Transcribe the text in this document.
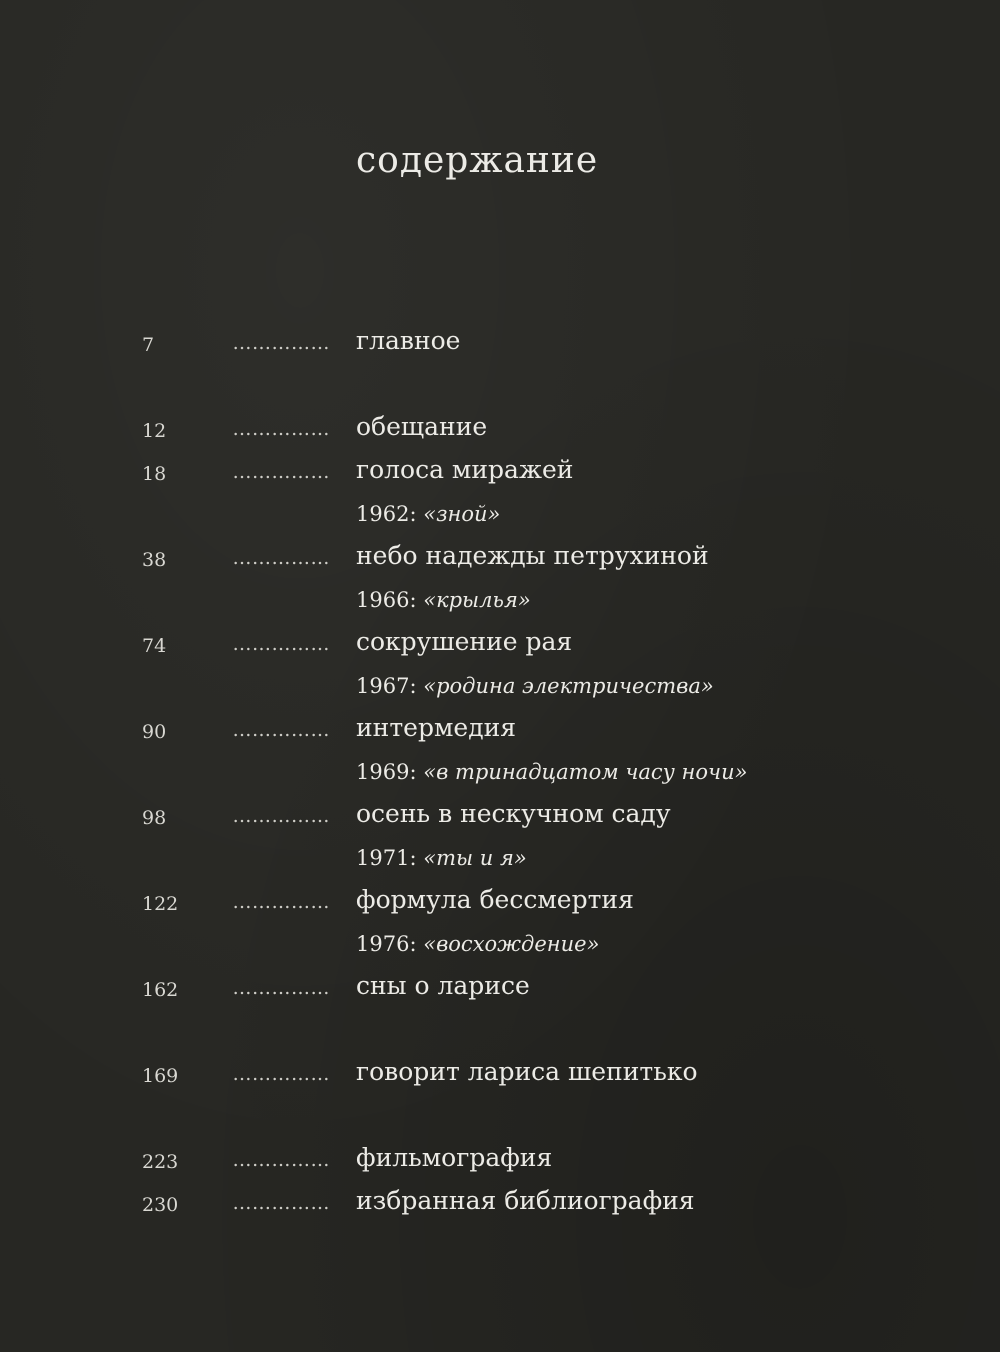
содержание
7	…………… главное
12	…………… обещание
18	…………… голоса миражей
1962: «зной»
38	…………… небо надежды петрухиной
1966: «крылья»
74	…………… сокрушение рая
1967: «родина электричества»
90	…………… интермедия
1969: «в тринадцатом часу ночи»
98	…………… осень в нескучном саду
1971: «ты и я»
122	…………… формула бессмертия
1976: «восхождение»
162	…………… сны о ларисе
169	…………… говорит лариса шепитько
223	…………… фильмография
230	…………… избранная библиография
